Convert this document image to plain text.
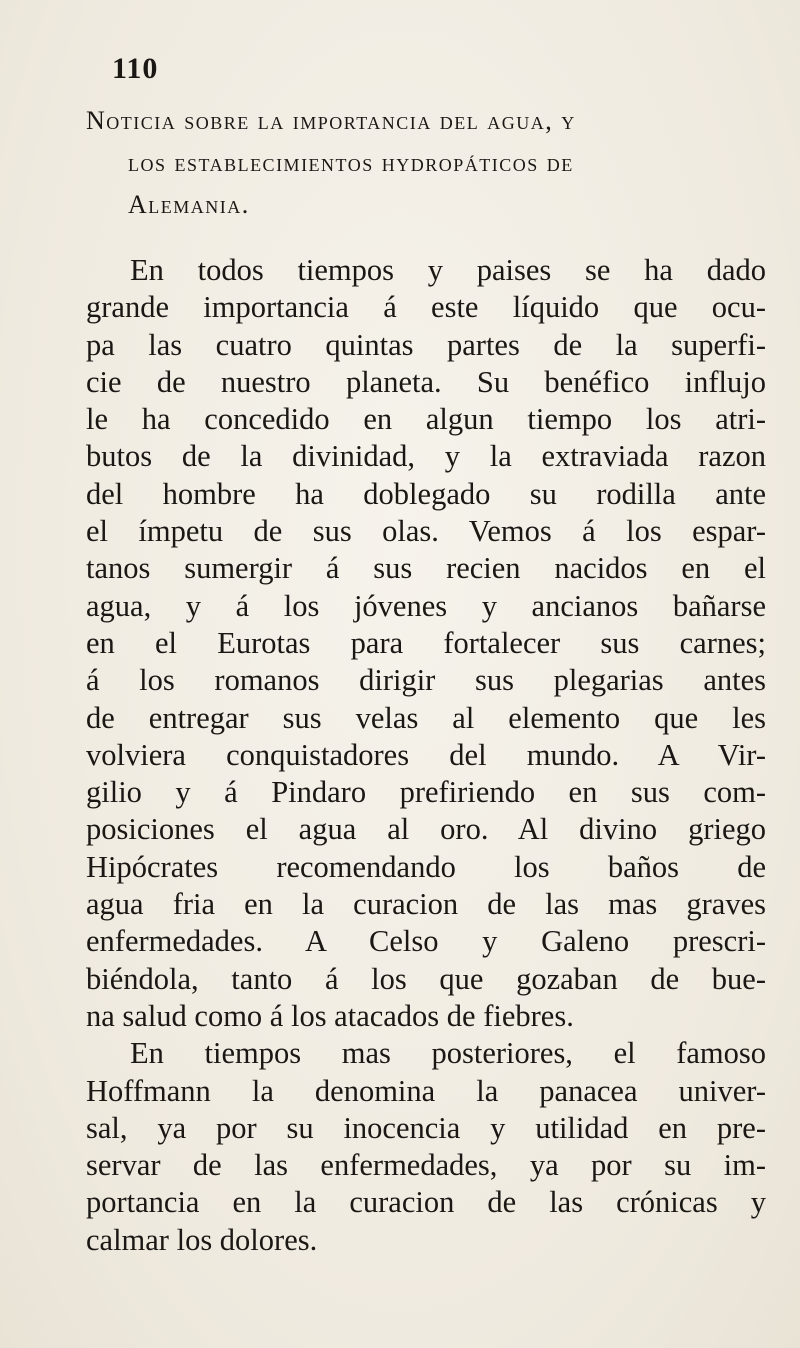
110
Noticia sobre la importancia del agua, y
los establecimientos hydropáticos de
Alemania.
En todos tiempos y paises se ha dado
grande importancia á este líquido que ocu-
pa las cuatro quintas partes de la superfi-
cie de nuestro planeta. Su benéfico influjo
le ha concedido en algun tiempo los atri-
butos de la divinidad, y la extraviada razon
del hombre ha doblegado su rodilla ante
el ímpetu de sus olas. Vemos á los espar-
tanos sumergir á sus recien nacidos en el
agua, y á los jóvenes y ancianos bañarse
en el Eurotas para fortalecer sus carnes;
á los romanos dirigir sus plegarias antes
de entregar sus velas al elemento que les
volviera conquistadores del mundo. A Vir-
gilio y á Pindaro prefiriendo en sus com-
posiciones el agua al oro. Al divino griego
Hipócrates recomendando los baños de
agua fria en la curacion de las mas graves
enfermedades. A Celso y Galeno prescri-
biéndola, tanto á los que gozaban de bue-
na salud como á los atacados de fiebres.
En tiempos mas posteriores, el famoso
Hoffmann la denomina la panacea univer-
sal, ya por su inocencia y utilidad en pre-
servar de las enfermedades, ya por su im-
portancia en la curacion de las crónicas y
calmar los dolores.
